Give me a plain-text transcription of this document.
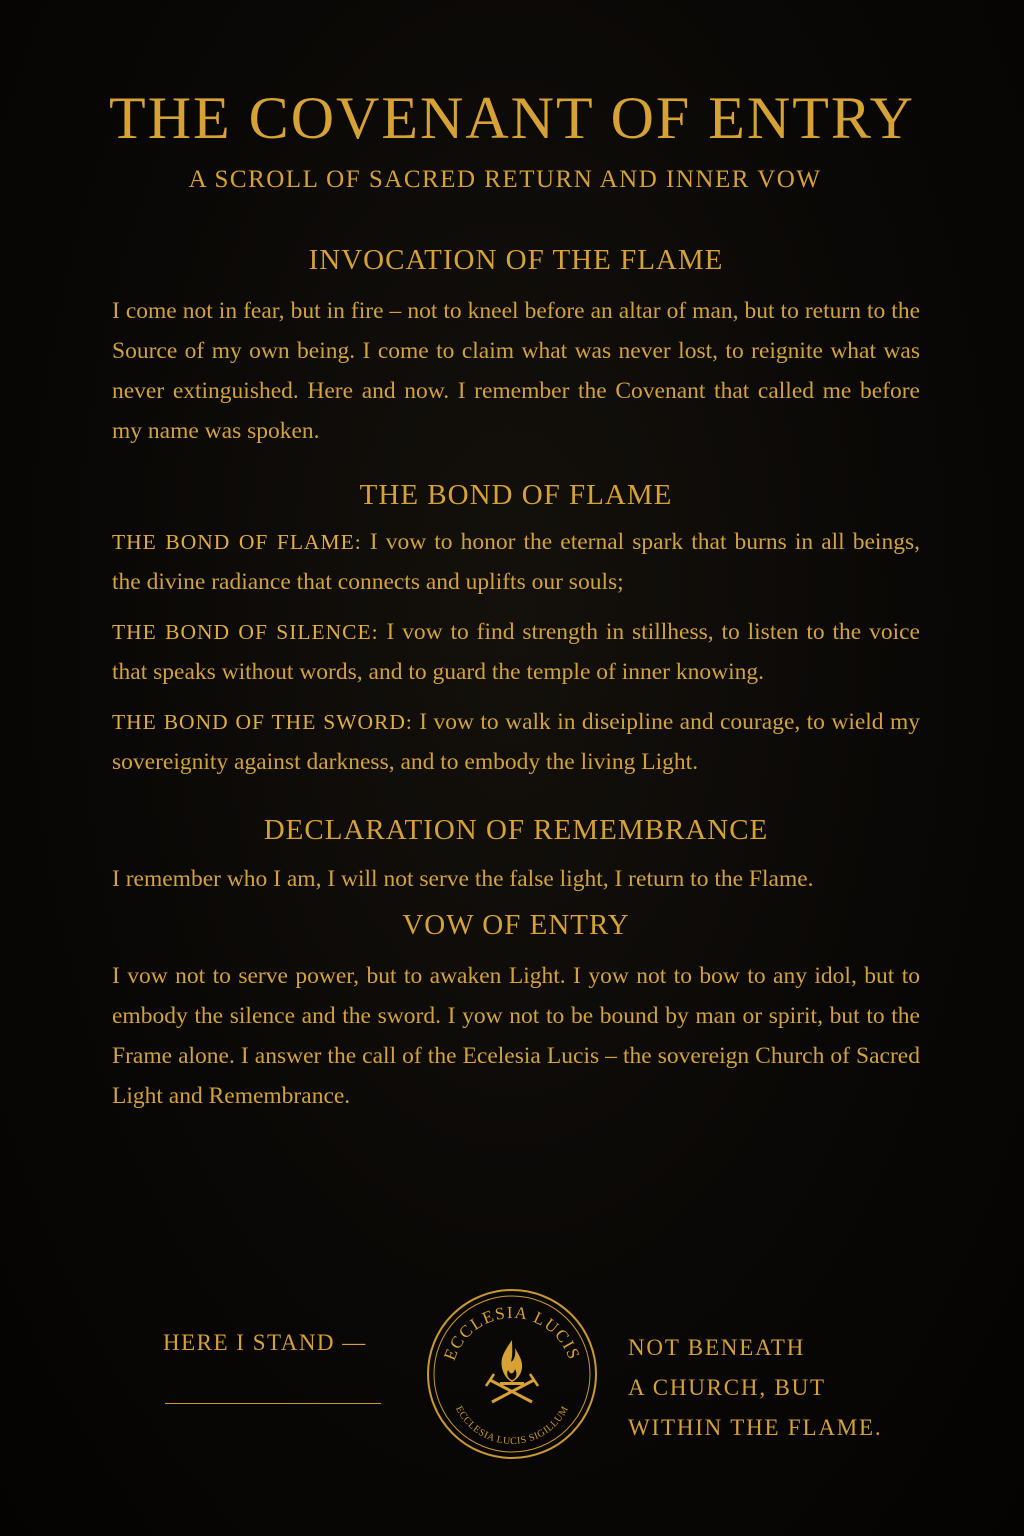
THE COVENANT OF ENTRY
A SCROLL OF SACRED RETURN AND INNER VOW
INVOCATION OF THE FLAME

I come not in fear, but in fire – not to kneel before an altar of man, but to return to the Source of my own being. I come to claim what was never lost, to reignite what was never extinguished. Here and now. I remember the Covenant that called me before my name was spoken.

THE BOND OF FLAME

THE BOND OF FLAME: I vow to honor the eternal spark that burns in all beings, the divine radiance that connects and uplifts our souls;

THE BOND OF SILENCE: I vow to find strength in stillhess, to listen to the voice that speaks without words, and to guard the temple of inner knowing.

THE BOND OF THE SWORD: I vow to walk in diseipline and courage, to wield my sovereignity against darkness, and to embody the living Light.

DECLARATION OF REMEMBRANCE

I remember who I am, I will not serve the false light, I return to the Flame.

VOW OF ENTRY

I vow not to serve power, but to awaken Light. I yow not to bow to any idol, but to embody the silence and the sword. I yow not to be bound by man or spirit, but to the Frame alone. I answer the call of the Ecelesia Lucis – the sovereign Church of Sacred Light and Remembrance.

HERE I STAND —	ECCLESIA LUCIS
ECCLESIA LUCIS SIGILLUM
NOT BENEATH
A CHURCH, BUT
WITHIN THE FLAME.
